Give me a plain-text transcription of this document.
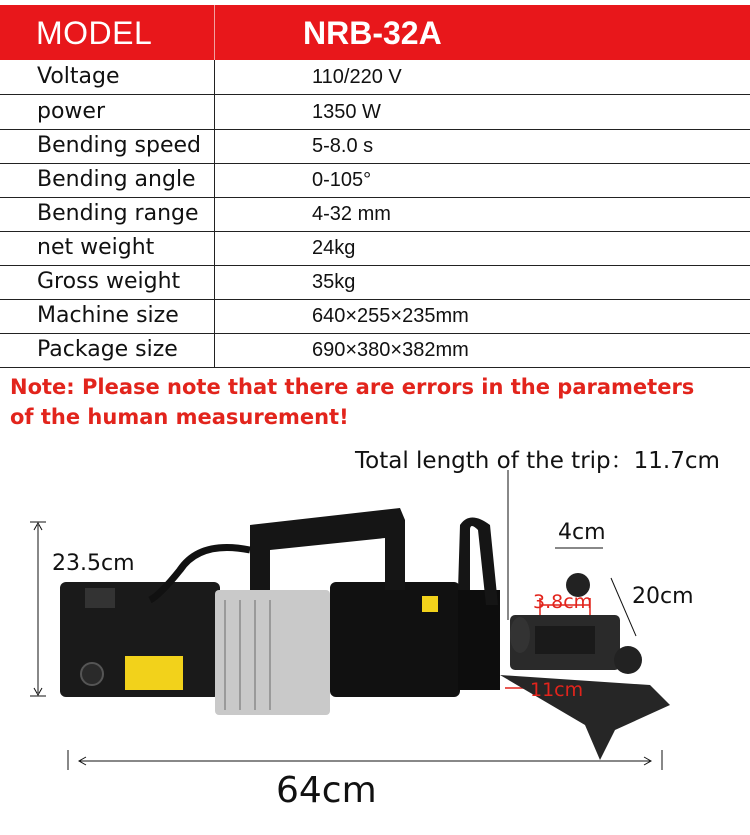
MODEL	NRB-32A
Voltage	110/220 V
power	1350 W
Bending speed	5-8.0 s
Bending angle	0-105°
Bending range	4-32 mm
net weight	24kg
Gross weight	35kg
Machine size	640×255×235mm
Package size	690×380×382mm
Note: Please note that there are errors in the parameters of the human measurement!
Total length of the trip：11.7cm
23.5cm
4cm
3.8cm 20cm
11cm
64cm
